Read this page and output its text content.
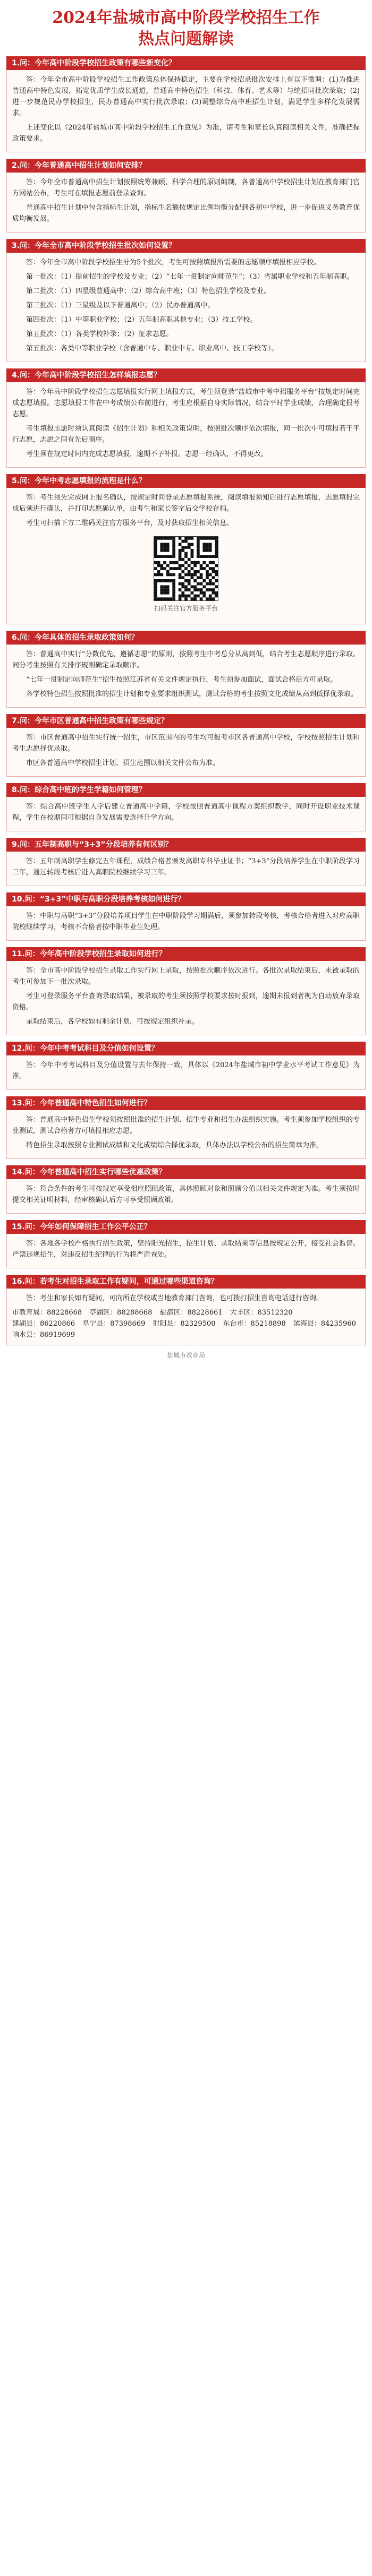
2024年盐城市高中阶段学校招生工作
热点问题解读
1.问：今年高中阶段学校招生政策有哪些新变化？

答：今年全市高中阶段学校招生工作政策总体保持稳定，主要在学校招录批次安排上有以下微调：(1)为推进普通高中特色发展，拓宽优质学生成长通道，普通高中特色招生（科技、体育、艺术等）与统招同批次录取；(2)进一步规范民办学校招生，民办普通高中实行批次录取；(3)调整综合高中班招生计划，满足学生多样化发展需求。

上述变化以《2024年盐城市高中阶段学校招生工作意见》为准，请考生和家长认真阅读相关文件，准确把握政策要求。

2.问：今年普通高中招生计划如何安排？

答：今年全市普通高中招生计划按照统筹兼顾、科学合理的原则编制，各普通高中学校招生计划在教育部门官方网站公布，考生可在填报志愿前登录查询。

普通高中招生计划中包含指标生计划，指标生名额按规定比例均衡分配到各初中学校，进一步促进义务教育优质均衡发展。

3.问：今年全市高中阶段学校招生批次如何设置？

答：今年全市高中阶段学校招生分为5个批次，考生可按照填报所需要的志愿顺序填报相应学校。

第一批次：（1）提前招生的学校及专业；（2）“七年一贯制定向师范生”；（3）省属职业学校和五年制高职。

第二批次：（1）四星级普通高中；（2）综合高中班；（3）特色招生学校及专业。

第三批次：（1）三星级及以下普通高中；（2）民办普通高中。

第四批次：（1）中等职业学校；（2）五年制高职其他专业；（3）技工学校。

第五批次：（1）各类学校补录；（2）征求志愿。

第五批次：各类中等职业学校（含普通中专、职业中专、职业高中、技工学校等）。

4.问：今年高中阶段学校招生怎样填报志愿？

答：今年高中阶段学校招生志愿填报实行网上填报方式，考生须登录“盐城市中考中招服务平台”按规定时间完成志愿填报。志愿填报工作在中考成绩公布前进行，考生应根据自身实际情况，结合平时学业成绩，合理确定报考志愿。

考生填报志愿时须认真阅读《招生计划》和相关政策说明，按照批次顺序依次填报，同一批次中可填报若干平行志愿，志愿之间有先后顺序。

考生须在规定时间内完成志愿填报，逾期不予补报。志愿一经确认，不得更改。

5.问：今年中考志愿填报的流程是什么？

答：考生须先完成网上报名确认，按规定时间登录志愿填报系统，阅读填报须知后进行志愿填报，志愿填报完成后须进行确认，并打印志愿确认单，由考生和家长签字后交学校存档。

考生可扫描下方二维码关注官方服务平台，及时获取招生相关信息。

扫码关注官方服务平台
6.问：今年具体的招生录取政策如何？

答：普通高中实行“分数优先、遵循志愿”的原则，按照考生中考总分从高到低，结合考生志愿顺序进行录取。同分考生按照有关排序规则确定录取顺序。

“七年一贯制定向师范生”招生按照江苏省有关文件规定执行，考生须参加面试，面试合格后方可录取。

各学校特色招生按照批准的招生计划和专业要求组织测试，测试合格的考生按照文化成绩从高到低择优录取。

7.问：今年市区普通高中招生政策有哪些规定？

答：市区普通高中招生实行统一招生，市区范围内的考生均可报考市区各普通高中学校，学校按照招生计划和考生志愿择优录取。

市区各普通高中学校招生计划、招生范围以相关文件公布为准。

8.问：综合高中班的学生学籍如何管理？

答：综合高中班学生入学后建立普通高中学籍，学校按照普通高中课程方案组织教学，同时开设职业技术课程，学生在校期间可根据自身发展需要选择升学方向。

9.问：五年制高职与“3+3”分段培养有何区别？

答：五年制高职学生修完五年课程，成绩合格者颁发高职专科毕业证书；“3+3”分段培养学生在中职阶段学习三年，通过转段考核后进入高职院校继续学习三年。

10.问：“3+3”中职与高职分段培养考核如何进行？

答：中职与高职“3+3”分段培养项目学生在中职阶段学习期满后，须参加转段考核，考核合格者进入对应高职院校继续学习，考核不合格者按中职毕业生处理。

11.问：今年高中阶段学校招生录取如何进行？

答：全市高中阶段学校招生录取工作实行网上录取，按照批次顺序依次进行。各批次录取结束后，未被录取的考生可参加下一批次录取。

考生可登录服务平台查询录取结果，被录取的考生须按照学校要求按时报到，逾期未报到者视为自动放弃录取资格。

录取结束后，各学校如有剩余计划，可按规定组织补录。

12.问：今年中考考试科目及分值如何设置？

答：今年中考考试科目及分值设置与去年保持一致，具体以《2024年盐城市初中学业水平考试工作意见》为准。

13.问：今年普通高中特色招生如何进行？

答：普通高中特色招生学校须按照批准的招生计划、招生专业和招生办法组织实施。考生须参加学校组织的专业测试，测试合格者方可填报相应志愿。

特色招生录取按照专业测试成绩和文化成绩综合择优录取，具体办法以学校公布的招生简章为准。

14.问：今年普通高中招生实行哪些优惠政策？

答：符合条件的考生可按规定享受相应照顾政策，具体照顾对象和照顾分值以相关文件规定为准。考生须按时提交相关证明材料，经审核确认后方可享受照顾政策。

15.问：今年如何保障招生工作公平公正？

答：各地各学校严格执行招生政策，坚持阳光招生，招生计划、录取结果等信息按规定公开，接受社会监督。严禁违规招生，对违反招生纪律的行为将严肃查处。

16.问：若考生对招生录取工作有疑问，可通过哪些渠道咨询？

答：考生和家长如有疑问，可向所在学校或当地教育部门咨询，也可拨打招生咨询电话进行咨询。

市教育局：88228668 亭湖区：88288668 盐都区：88228661 大丰区：83512320
建湖县：86220866 阜宁县：87398669 射阳县：82329500 东台市：85218898 滨海县：84235960
响水县：86919699
盐城市教育局
